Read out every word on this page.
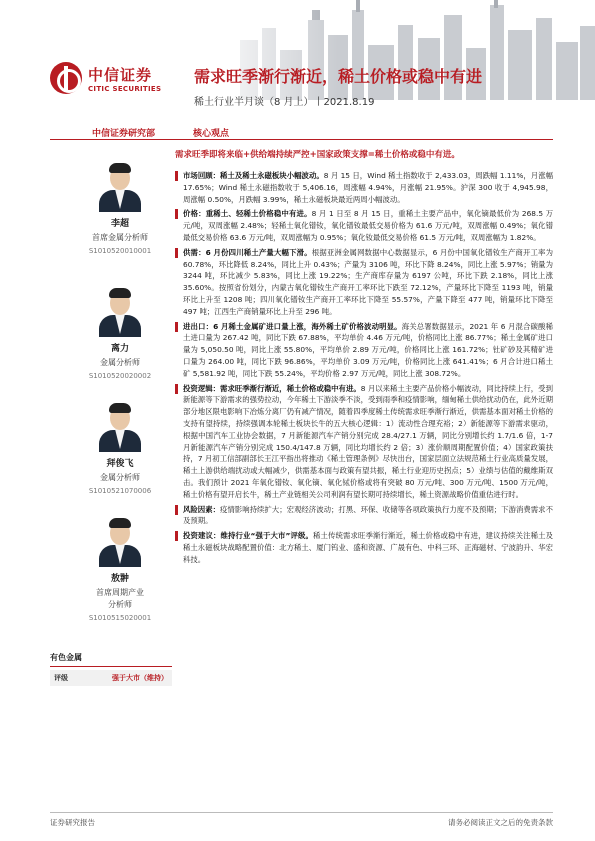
中信证券
CITIC SECURITIES
需求旺季渐行渐近，稀土价格或稳中有进
稀土行业半月谈（8 月上）丨2021.8.19
中信证券研究部	核心观点
李超
首席金属分析师
S1010520010001
离力
金属分析师
S1010520020002
拜俊飞
金属分析师
S1010521070006
敖翀
首席周期产业
分析师
S1010515020001
有色金属
评级	强于大市（维持）
需求旺季即将来临+供给端持续严控+国家政策支撑=稀土价格或稳中有进。
市场回顾：稀土及稀土永磁板块小幅波动。8 月 15 日，Wind 稀土指数收于 2,433.03，周跌幅 1.11%，月涨幅 17.65%；Wind 稀土永磁指数收于 5,406.16，周涨幅 4.94%，月涨幅 21.95%。沪深 300 收于 4,945.98，周涨幅 0.50%，月跌幅 3.99%，稀土永磁板块最近两周小幅波动。
价格：重稀土、轻稀土价格稳中有进。8 月 1 日至 8 月 15 日，重稀土主要产品中，氧化镝最低价为 268.5 万元/吨，双周涨幅 2.48%；轻稀土氧化镨钕，氧化镨钕最低交易价格为 61.6 万元/吨，双周涨幅 0.49%；氧化镨最低交易价格 63.6 万元/吨，双周涨幅为 0.95%；氧化钕最低交易价格 61.5 万元/吨，双周涨幅为 1.82%。
供需：6 月份四川稀土产量大幅下滑。根据亚洲金属网数据中心数据显示，6 月份中国氧化镨钕生产商开工率为 60.78%，环比降低 8.24%，同比上升 0.43%；产量为 3106 吨，环比下降 8.24%，同比上涨 5.97%；销量为 3244 吨，环比减少 5.83%，同比上涨 19.22%；生产商库存量为 6197 公吨，环比下跌 2.18%，同比上涨 35.60%。按照省份划分，内蒙古氧化镨钕生产商开工率环比下跌至 72.12%，产量环比下降至 1193 吨，销量环比上升至 1208 吨；四川氧化镨钕生产商开工率环比下降至 55.57%，产量下降至 477 吨，销量环比下降至 497 吨；江西生产商销量环比上升至 296 吨。
进出口：6 月稀土金属矿进口量上涨，海外稀土矿价格波动明显。海关总署数据显示，2021 年 6 月混合碳酸稀土进口量为 267.42 吨，同比下跌 67.88%，平均单价 4.46 万元/吨，价格同比上涨 86.77%；稀土金属矿进口量为 5,050.50 吨，同比上涨 55.80%，平均单价 2.89 万元/吨，价格同比上涨 161.72%；钍矿砂及其精矿进口量为 264.00 吨，同比下跌 96.86%，平均单价 3.09 万元/吨，价格同比上涨 641.41%；6 月合计进口稀土矿 5,581.92 吨，同比下跌 55.24%，平均价格 2.97 万元/吨，同比上涨 308.72%。
投资逻辑：需求旺季渐行渐近，稀土价格或稳中有进。8 月以来稀土主要产品价格小幅波动，同比持续上行，受到新能源等下游需求的强势拉动，今年稀土下游淡季不淡，受到雨季和疫情影响，缅甸稀土供给扰动仍在，此外近期部分地区限电影响下冶炼分离厂仍有减产情况，随着四季度稀土传统需求旺季渐行渐近，供需基本面对稀土价格的支持有望持续，持续强调本轮稀土板块长牛的五大核心逻辑：1）流动性合理充裕；2）新能源等下游需求驱动，根据中国汽车工业协会数据，7 月新能源汽车产销分别完成 28.4/27.1 万辆，同比分别增长约 1.7/1.6 倍，1-7 月新能源汽车产销分别完成 150.4/147.8 万辆，同比均增长约 2 倍；3）涨价顺周期配置价值；4）国家政策扶持，7 月初工信部副部长王江平指出将推动《稀土管理条例》尽快出台，国家层面立法规范稀土行业高质量发展，稀土上游供给端扰动或大幅减少，供需基本面与政策有望共振，稀土行业迎历史拐点；5）业绩与估值的戴维斯双击。我们预计 2021 年氧化镨钕、氧化镝、氧化铽价格或将有突破 80 万元/吨、300 万元/吨、1500 万元/吨，稀土价格有望开启长牛，稀土产业链相关公司利润有望长期可持续增长，稀土资源战略价值重估进行时。
风险因素：疫情影响持续扩大；宏观经济波动；打黑、环保、收储等各项政策执行力度不及预期；下游消费需求不及预期。
投资建议：维持行业“强于大市”评级。稀土传统需求旺季渐行渐近，稀土价格或稳中有进，建议持续关注稀土及稀土永磁板块战略配置价值：北方稀土、厦门钨业、盛和资源、广晟有色、中科三环、正海磁材、宁波韵升、华宏科技。
证券研究报告	请务必阅读正文之后的免责条款
